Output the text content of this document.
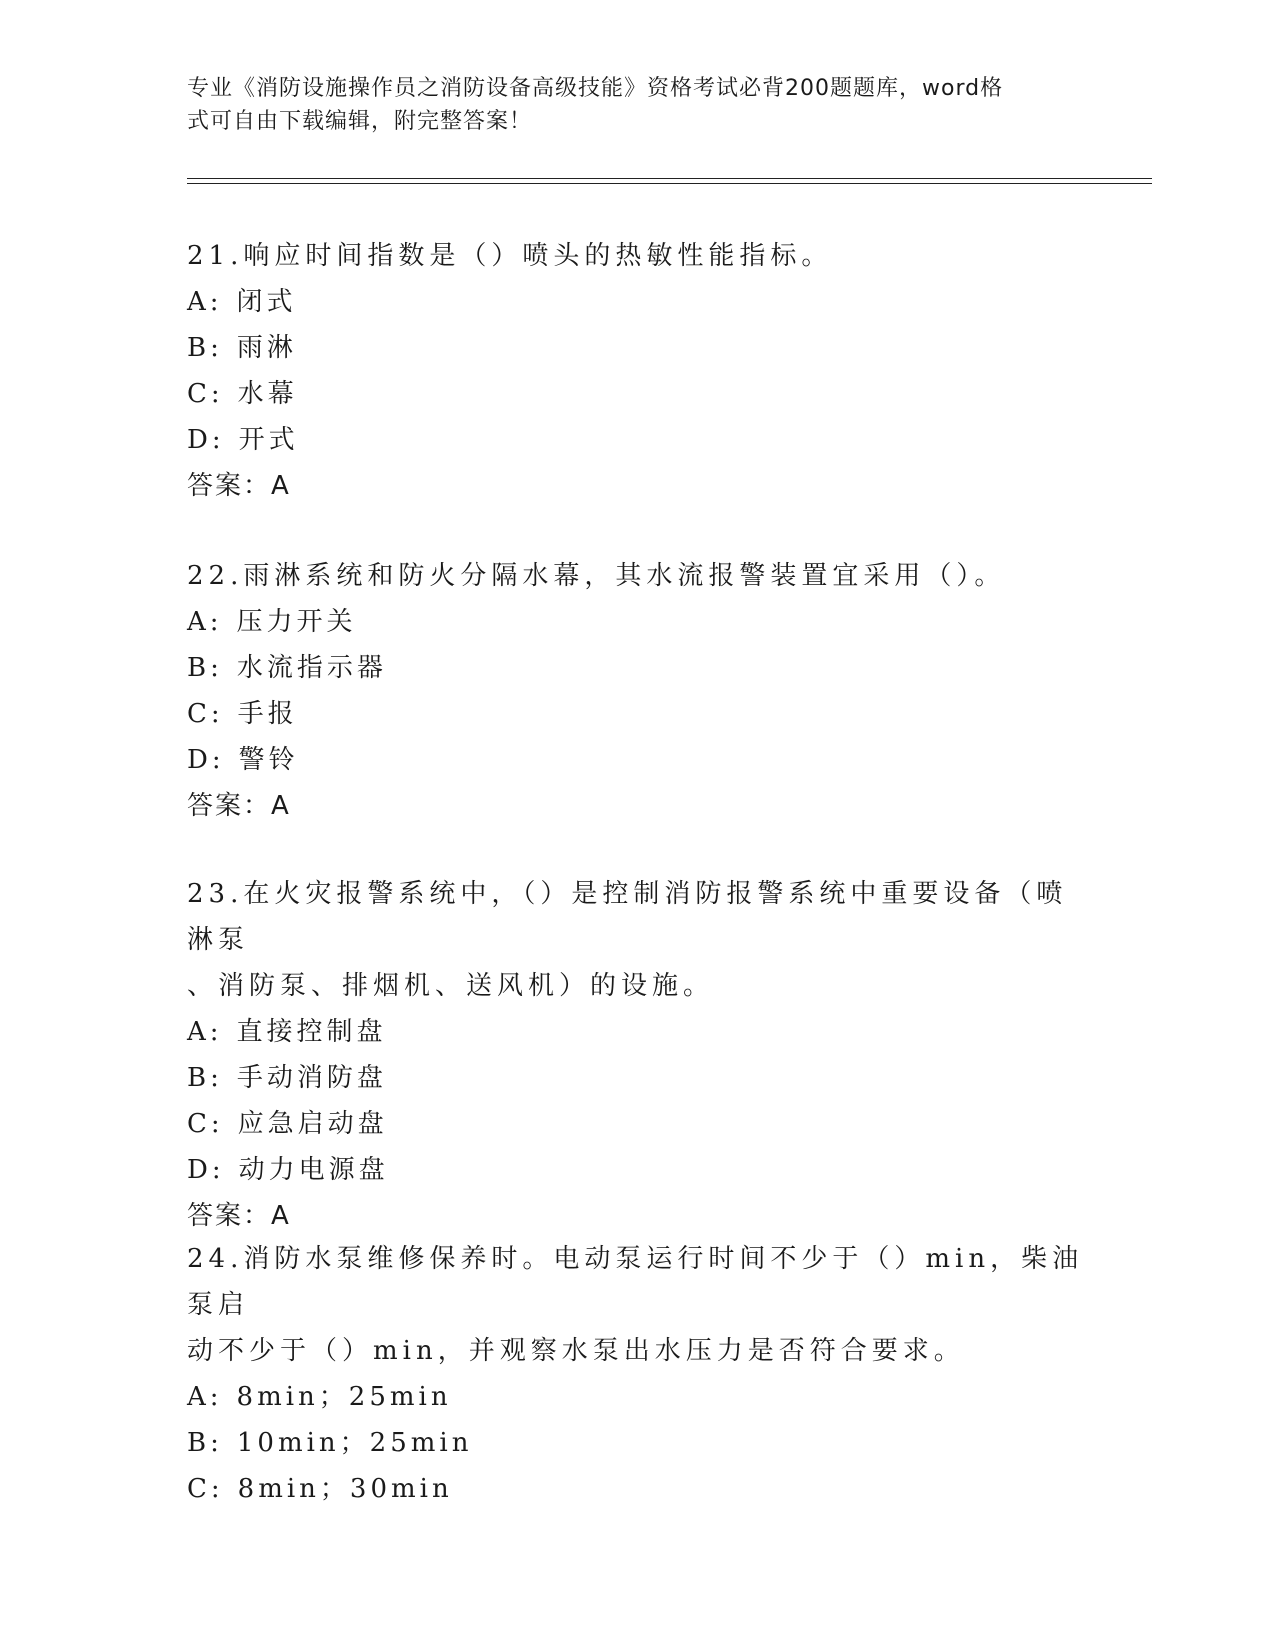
专业《消防设施操作员之消防设备高级技能》资格考试必背200题题库，word格
式可自由下载编辑，附完整答案！
21.响应时间指数是（）喷头的热敏性能指标。
A: 闭式
B: 雨淋
C: 水幕
D: 开式
答案：A
22.雨淋系统和防火分隔水幕，其水流报警装置宜采用（）。
A: 压力开关
B: 水流指示器
C: 手报
D: 警铃
答案：A
23.在火灾报警系统中，（）是控制消防报警系统中重要设备（喷淋泵
、消防泵、排烟机、送风机）的设施。
A: 直接控制盘
B: 手动消防盘
C: 应急启动盘
D: 动力电源盘
答案：A
24.消防水泵维修保养时。电动泵运行时间不少于（）min，柴油泵启
动不少于（）min，并观察水泵出水压力是否符合要求。
A: 8min；25min
B: 10min；25min
C: 8min；30min
